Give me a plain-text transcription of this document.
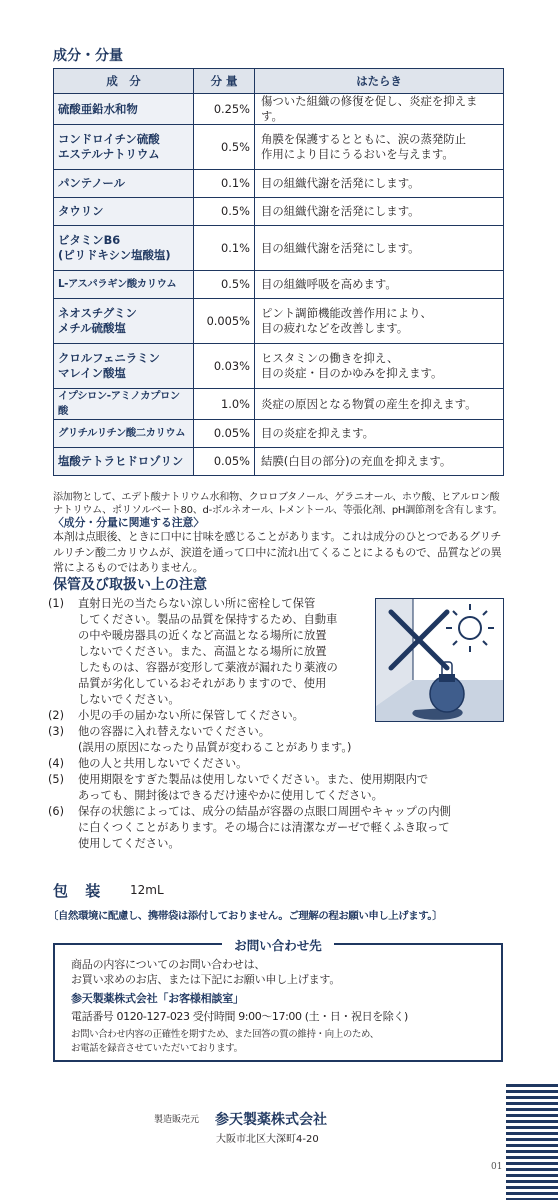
成分・分量
成　分	分 量	はたらき
硫酸亜鉛水和物	0.25%	傷ついた組織の修復を促し、炎症を抑えます。
コンドロイチン硫酸
エステルナトリウム	0.5%	角膜を保護するとともに、涙の蒸発防止
作用により目にうるおいを与えます。
パンテノール	0.1%	目の組織代謝を活発にします。
タウリン	0.5%	目の組織代謝を活発にします。
ビタミンB6
(ピリドキシン塩酸塩)	0.1%	目の組織代謝を活発にします。
L-アスパラギン酸カリウム	0.5%	目の組織呼吸を高めます。
ネオスチグミン
メチル硫酸塩	0.005%	ピント調節機能改善作用により、
目の疲れなどを改善します。
クロルフェニラミン
マレイン酸塩	0.03%	ヒスタミンの働きを抑え、
目の炎症・目のかゆみを抑えます。
イプシロン-アミノカプロン酸	1.0%	炎症の原因となる物質の産生を抑えます。
グリチルリチン酸二カリウム	0.05%	目の炎症を抑えます。
塩酸テトラヒドロゾリン	0.05%	結膜(白目の部分)の充血を抑えます。
添加物として、エデト酸ナトリウム水和物、クロロブタノール、ゲラニオール、ホウ酸、ヒアルロン酸ナトリウム、ポリソルベート80、d-ボルネオール、l-メントール、等張化剤、pH調節剤を含有します。
〈成分・分量に関連する注意〉
本剤は点眼後、ときに口中に甘味を感じることがあります。これは成分のひとつであるグリチルリチン酸二カリウムが、涙道を通って口中に流れ出てくることによるもので、品質などの異常によるものではありません。
保管及び取扱い上の注意
(1) 直射日光の当たらない涼しい所に密栓して保管
してください。製品の品質を保持するため、自動車
の中や暖房器具の近くなど高温となる場所に放置
しないでください。また、高温となる場所に放置
したものは、容器が変形して薬液が漏れたり薬液の
品質が劣化しているおそれがありますので、使用
しないでください。
(2) 小児の手の届かない所に保管してください。
(3) 他の容器に入れ替えないでください。
(誤用の原因になったり品質が変わることがあります。)
(4) 他の人と共用しないでください。
(5) 使用期限をすぎた製品は使用しないでください。また、使用期限内で
あっても、開封後はできるだけ速やかに使用してください。
(6) 保存の状態によっては、成分の結晶が容器の点眼口周囲やキャップの内側
に白くつくことがあります。その場合には清潔なガーゼで軽くふき取って
使用してください。
包 装 12mL
〔自然環境に配慮し、携帯袋は添付しておりません。ご理解の程お願い申し上げます。〕
お問い合わせ先
商品の内容についてのお問い合わせは、
お買い求めのお店、または下記にお願い申し上げます。
参天製薬株式会社「お客様相談室」
電話番号 0120-127-023 受付時間 9:00～17:00 (土・日・祝日を除く)
お問い合わせ内容の正確性を期すため、また回答の質の維持・向上のため、
お電話を録音させていただいております。
製造販売元 参天製薬株式会社
大阪市北区大深町4-20
01
